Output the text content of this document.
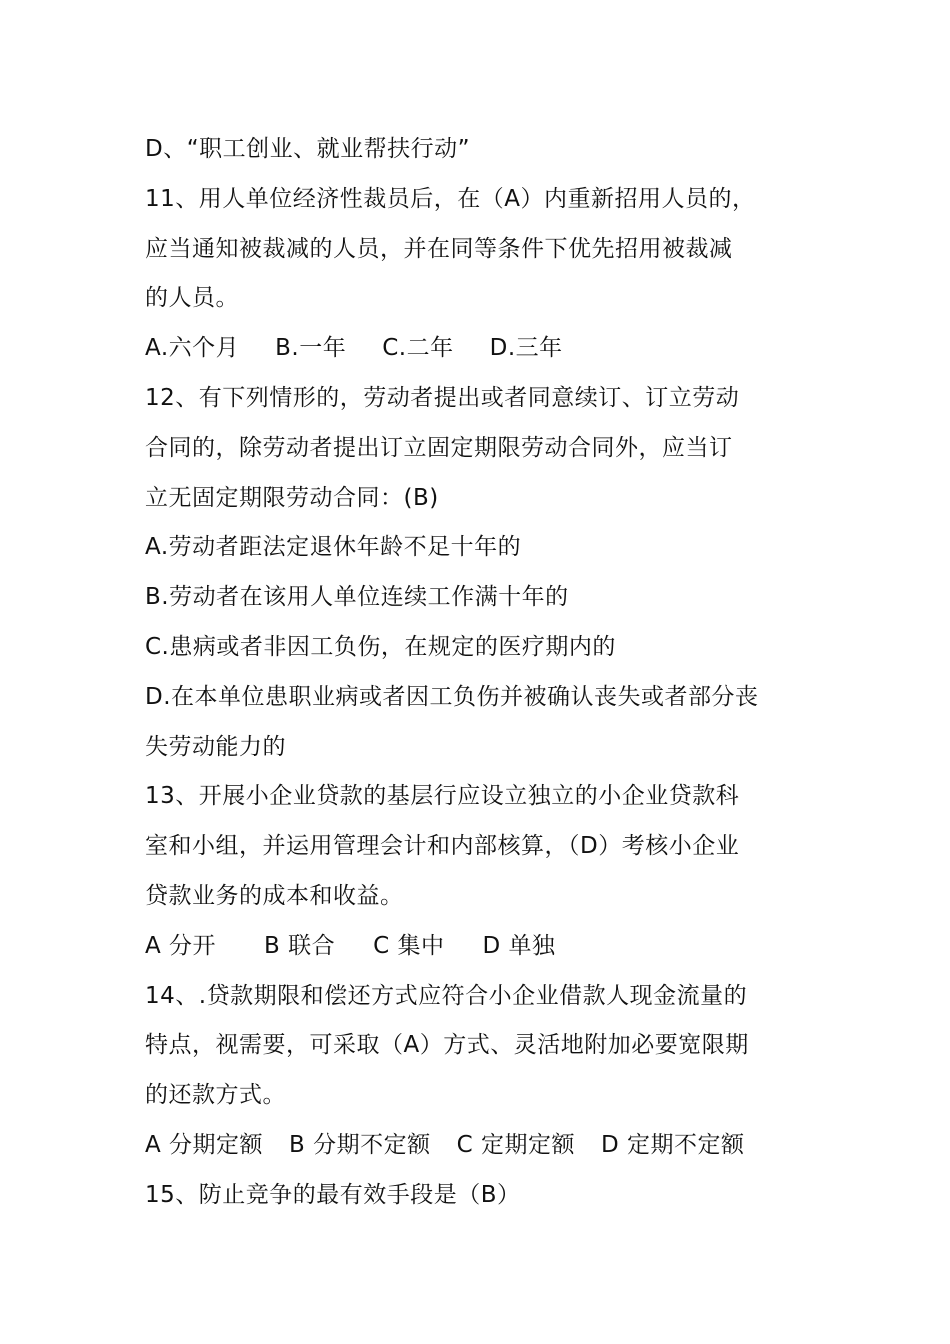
D、“职工创业、就业帮扶行动”
11、用人单位经济性裁员后，在（A）内重新招用人员的，
应当通知被裁减的人员，并在同等条件下优先招用被裁减
的人员。
A.六个月 B.一年 C.二年 D.三年
12、有下列情形的，劳动者提出或者同意续订、订立劳动
合同的，除劳动者提出订立固定期限劳动合同外，应当订
立无固定期限劳动合同：(B)
A.劳动者距法定退休年龄不足十年的
B.劳动者在该用人单位连续工作满十年的
C.患病或者非因工负伤，在规定的医疗期内的
D.在本单位患职业病或者因工负伤并被确认丧失或者部分丧
失劳动能力的
13、开展小企业贷款的基层行应设立独立的小企业贷款科
室和小组，并运用管理会计和内部核算，（D）考核小企业
贷款业务的成本和收益。
A 分开 B 联合 C 集中 D 单独
14、.贷款期限和偿还方式应符合小企业借款人现金流量的
特点，视需要，可采取（A）方式、灵活地附加必要宽限期
的还款方式。
A 分期定额 B 分期不定额 C 定期定额 D 定期不定额
15、防止竞争的最有效手段是（B）
